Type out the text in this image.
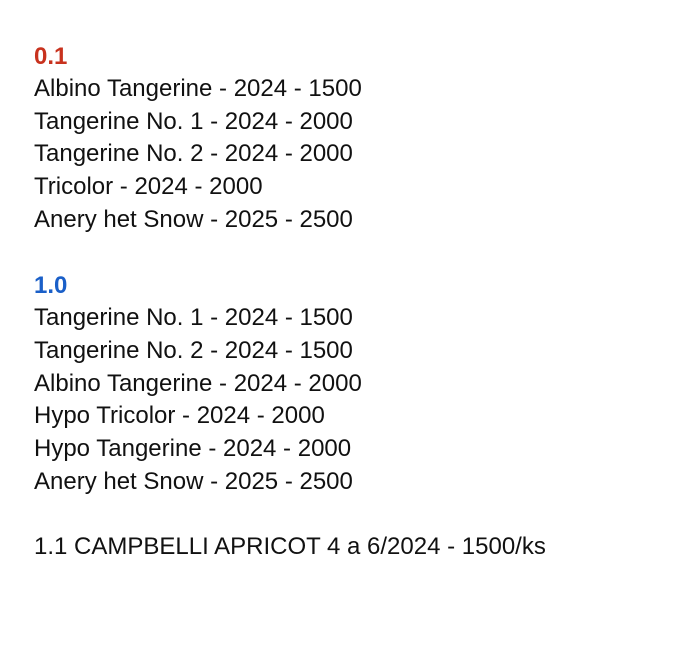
0.1
Albino Tangerine - 2024 - 1500
Tangerine No. 1 - 2024 - 2000
Tangerine No. 2 - 2024 - 2000
Tricolor - 2024 - 2000
Anery het Snow - 2025 - 2500
1.0
Tangerine No. 1 - 2024 - 1500
Tangerine No. 2 - 2024 - 1500
Albino Tangerine - 2024 - 2000
Hypo Tricolor - 2024 - 2000
Hypo Tangerine - 2024 - 2000
Anery het Snow - 2025 - 2500
1.1 CAMPBELLI APRICOT 4 a 6/2024 - 1500/ks
